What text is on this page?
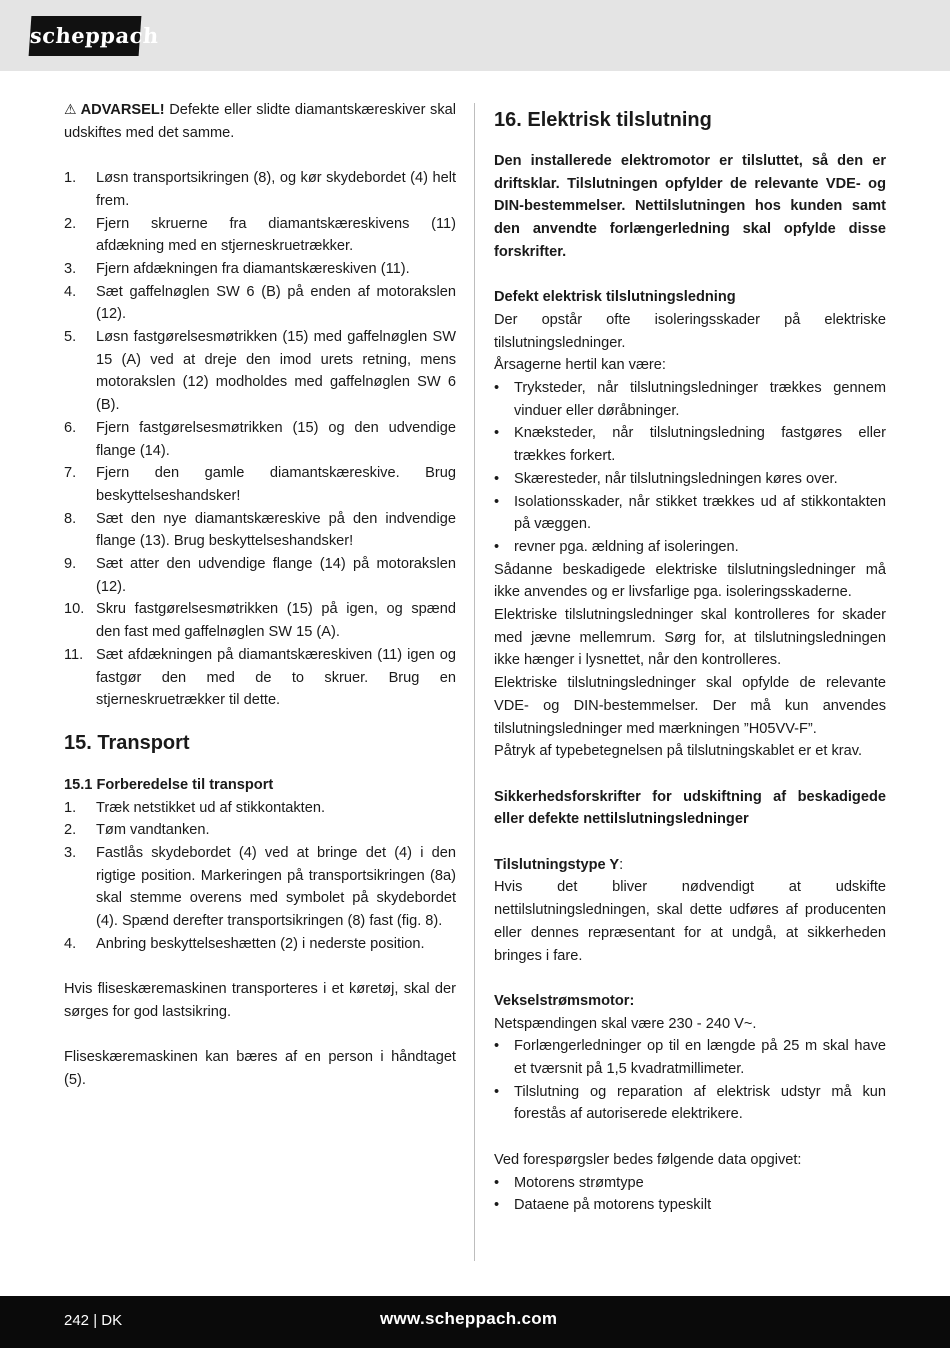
scheppach

⚠ ADVARSEL! Defekte eller slidte diamantskæreskiver skal udskiftes med det samme.

1.	Løsn transportsikringen (8), og kør skydebordet (4) helt frem.
2.	Fjern skruerne fra diamantskæreskivens (11) afdækning med en stjerneskruetrækker.
3.	Fjern afdækningen fra diamantskæreskiven (11).
4.	Sæt gaffelnøglen SW 6 (B) på enden af motorakslen (12).
5.	Løsn fastgørelsesmøtrikken (15) med gaffelnøglen SW 15 (A) ved at dreje den imod urets retning, mens motorakslen (12) modholdes med gaffelnøglen SW 6 (B).
6.	Fjern fastgørelsesmøtrikken (15) og den udvendige flange (14).
7.	Fjern den gamle diamantskæreskive. Brug beskyttelseshandsker!
8.	Sæt den nye diamantskæreskive på den indvendige flange (13). Brug beskyttelseshandsker!
9.	Sæt atter den udvendige flange (14) på motorakslen (12).
10. Skru fastgørelsesmøtrikken (15) på igen, og spænd den fast med gaffelnøglen SW 15 (A).
11. Sæt afdækningen på diamantskæreskiven (11) igen og fastgør den med de to skruer. Brug en stjerneskruetrækker til dette.
15. Transport
15.1 Forberedelse til transport
1.	Træk netstikket ud af stikkontakten.
2.	Tøm vandtanken.
3.	Fastlås skydebordet (4) ved at bringe det (4) i den rigtige position. Markeringen på transportsikringen (8a) skal stemme overens med symbolet på skydebordet (4). Spænd derefter transportsikringen (8) fast (fig. 8).
4.	Anbring beskyttelseshætten (2) i nederste position.

Hvis fliseskæremaskinen transporteres i et køretøj, skal der sørges for god lastsikring.

Fliseskæremaskinen kan bæres af en person i håndtaget (5).

16. Elektrisk tilslutning

Den installerede elektromotor er tilsluttet, så den er driftsklar. Tilslutningen opfylder de relevante VDE- og DIN-bestemmelser. Nettilslutningen hos kunden samt den anvendte forlængerledning skal opfylde disse forskrifter.

Defekt elektrisk tilslutningsledning

Der opstår ofte isoleringsskader på elektriske tilslutningsledninger.

Årsagerne hertil kan være:

•	Tryksteder, når tilslutningsledninger trækkes gennem vinduer eller døråbninger.
•	Knæksteder, når tilslutningsledning fastgøres eller trækkes forkert.
•	Skæresteder, når tilslutningsledningen køres over.
•	Isolationsskader, når stikket trækkes ud af stikkontakten på væggen.
•	revner pga. ældning af isoleringen.

Sådanne beskadigede elektriske tilslutningsledninger må ikke anvendes og er livsfarlige pga. isoleringsskaderne.

Elektriske tilslutningsledninger skal kontrolleres for skader med jævne mellemrum. Sørg for, at tilslutningsledningen ikke hænger i lysnettet, når den kontrolleres.

Elektriske tilslutningsledninger skal opfylde de relevante VDE- og DIN-bestemmelser. Der må kun anvendes tilslutningsledninger med mærkningen ”H05VV-F”.

Påtryk af typebetegnelsen på tilslutningskablet er et krav.

Sikkerhedsforskrifter for udskiftning af beskadigede eller defekte nettilslutningsledninger

Tilslutningstype Y:

Hvis det bliver nødvendigt at udskifte nettilslutningsledningen, skal dette udføres af producenten eller dennes repræsentant for at undgå, at sikkerheden bringes i fare.

Vekselstrømsmotor:

Netspændingen skal være 230 - 240 V~.

•	Forlængerledninger op til en længde på 25 m skal have et tværsnit på 1,5 kvadratmillimeter.
•	Tilslutning og reparation af elektrisk udstyr må kun forestås af autoriserede elektrikere.

Ved forespørgsler bedes følgende data opgivet:

•	Motorens strømtype
•	Dataene på motorens typeskilt
242 | DK	www.scheppach.com
